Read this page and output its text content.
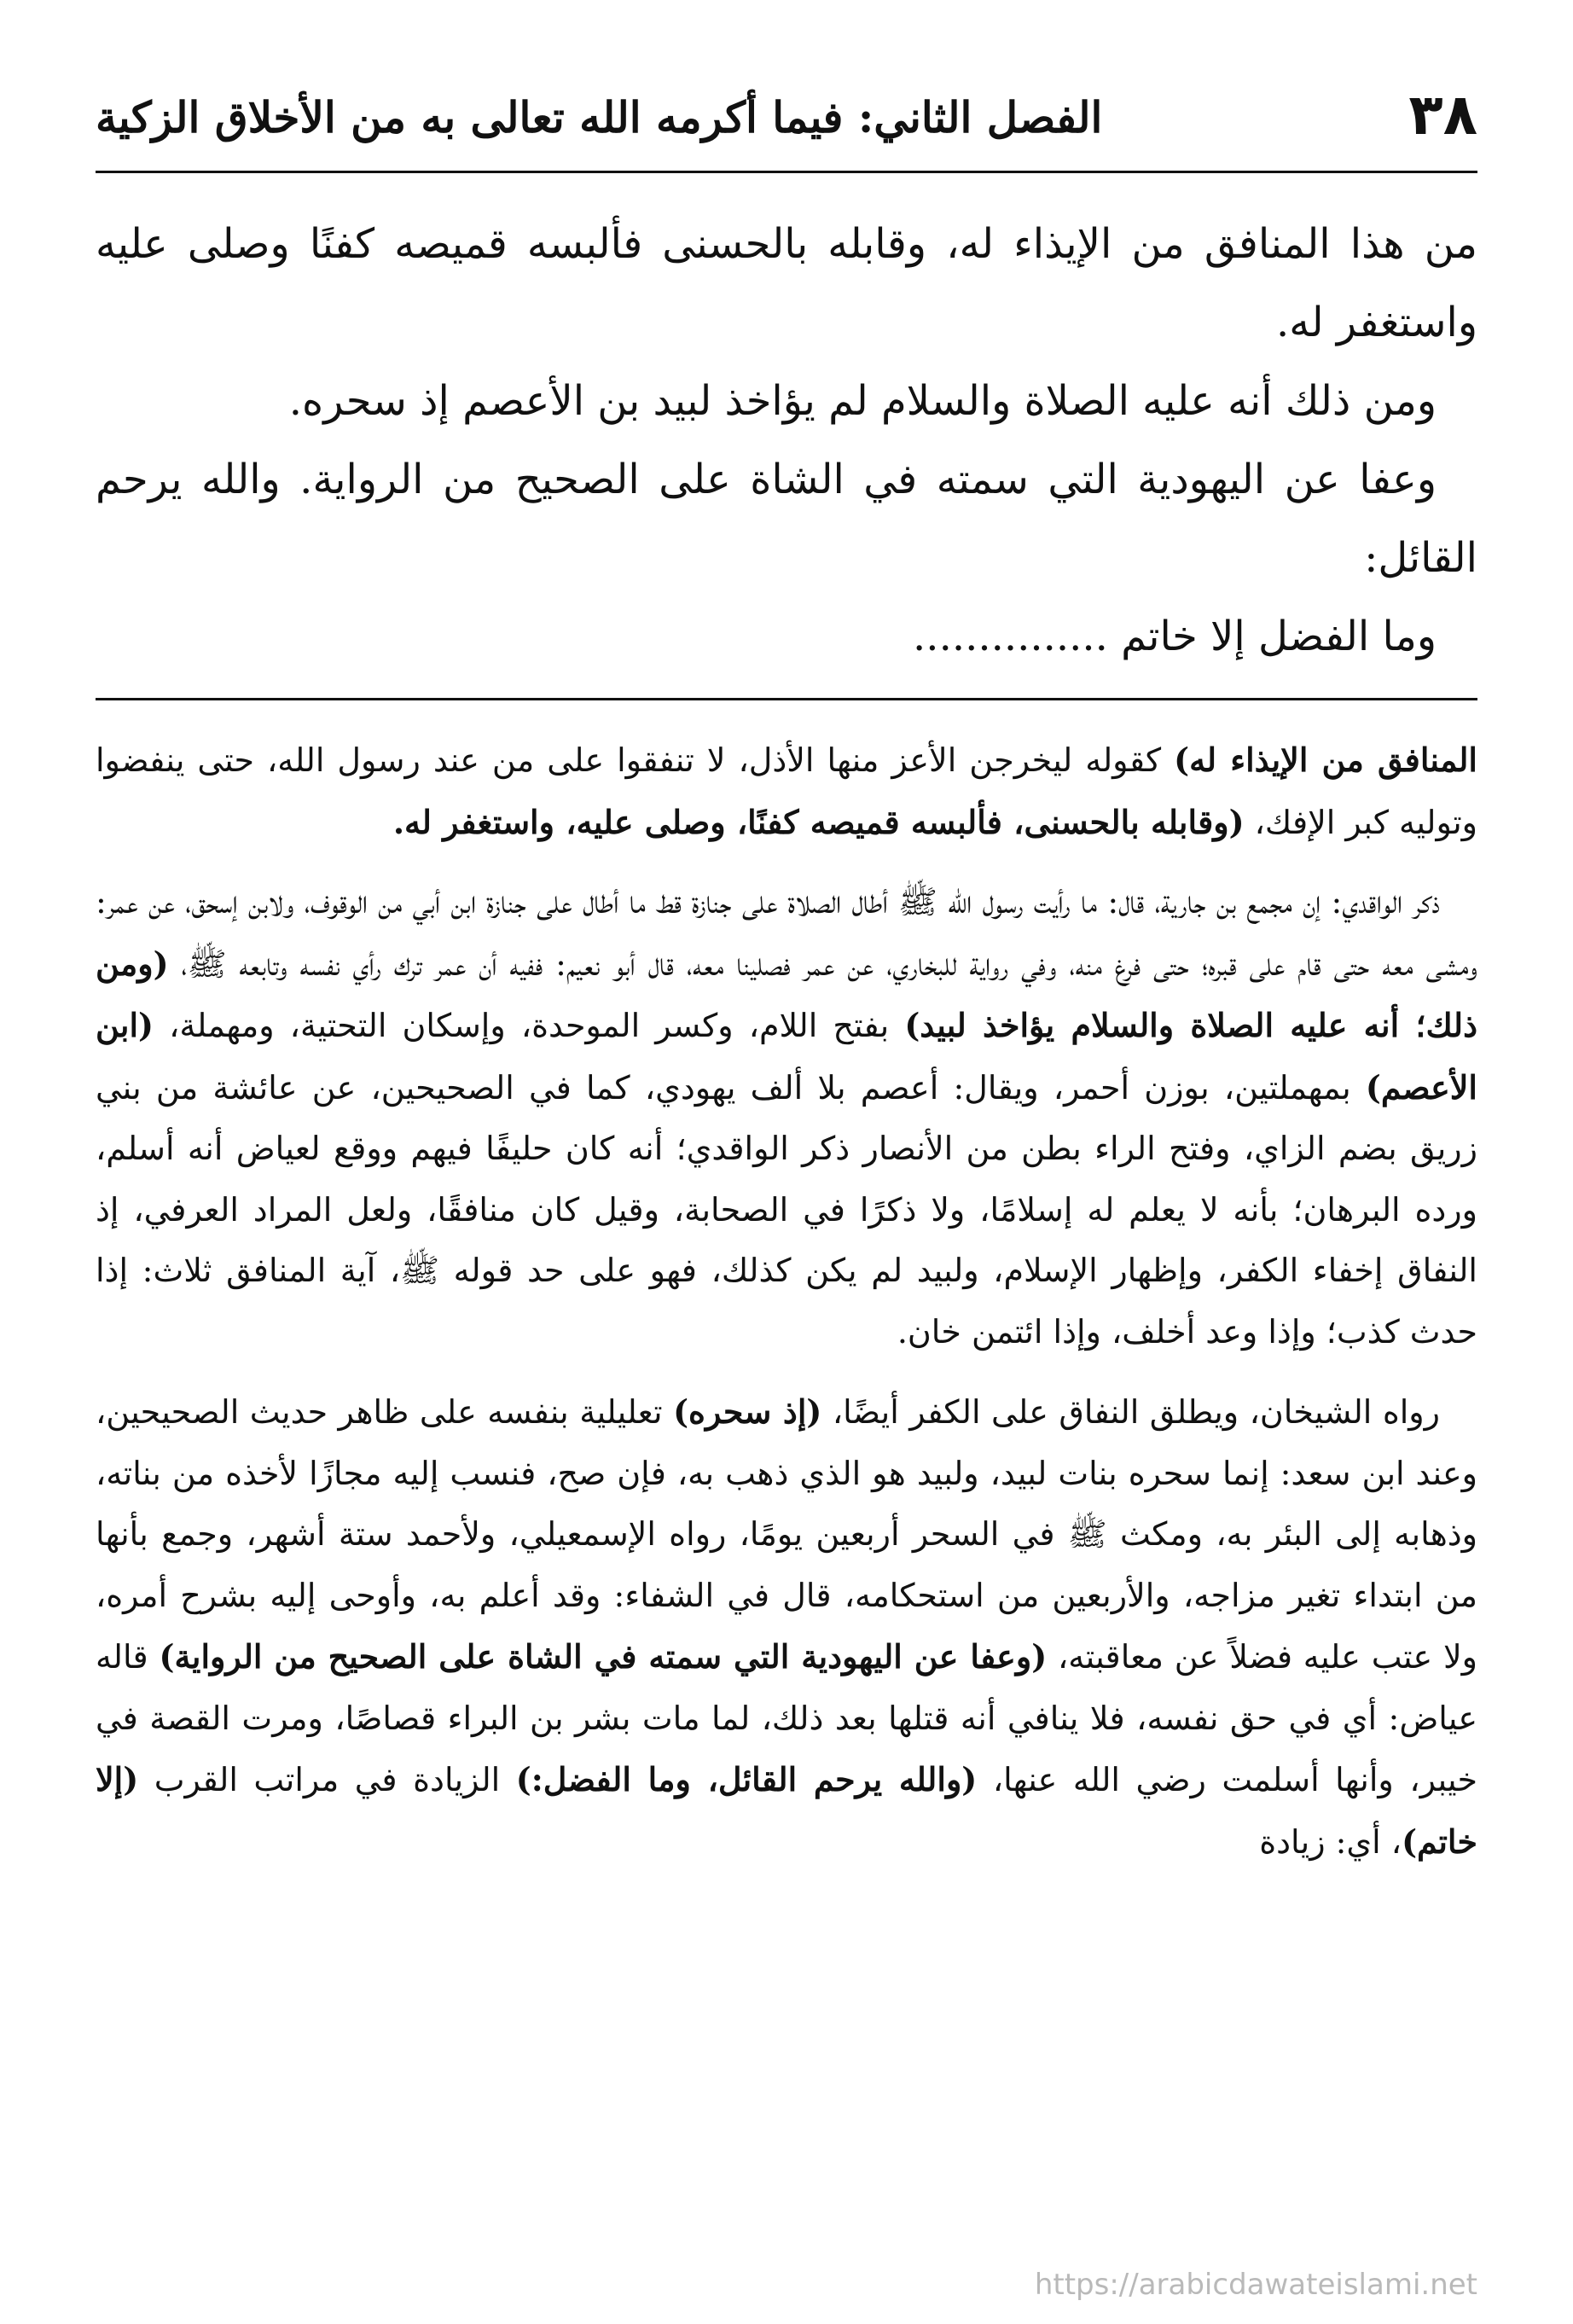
٣٨
الفصل الثاني: فيما أكرمه الله تعالى به من الأخلاق الزكية

من هذا المنافق من الإيذاء له، وقابله بالحسنى فألبسه قميصه كفنًا وصلى عليه واستغفر له.

ومن ذلك أنه عليه الصلاة والسلام لم يؤاخذ لبيد بن الأعصم إذ سحره.

وعفا عن اليهودية التي سمته في الشاة على الصحيح من الرواية. والله يرحم القائل:

وما الفضل إلا خاتم ...............

المنافق من الإيذاء له) كقوله ليخرجن الأعز منها الأذل، لا تنفقوا على من عند رسول الله، حتى ينفضوا وتوليه كبر الإفك، (وقابله بالحسنى، فألبسه قميصه كفنًا، وصلى عليه، واستغفر له.

ذكر الواقدي: إن مجمع بن جارية، قال: ما رأيت رسول الله ﷺ أطال الصلاة على جنازة قط ما أطال على جنازة ابن أبي من الوقوف، ولابن إسحق، عن عمر: ومشى معه حتى قام على قبره؛ حتى فرغ منه، وفي رواية للبخاري، عن عمر فصلينا معه، قال أبو نعيم: ففيه أن عمر ترك رأي نفسه وتابعه ﷺ، (ومن ذلك؛ أنه عليه الصلاة والسلام يؤاخذ لبيد) بفتح اللام، وكسر الموحدة، وإسكان التحتية، ومهملة، (ابن الأعصم) بمهملتين، بوزن أحمر، ويقال: أعصم بلا ألف يهودي، كما في الصحيحين، عن عائشة من بني زريق بضم الزاي، وفتح الراء بطن من الأنصار ذكر الواقدي؛ أنه كان حليفًا فيهم ووقع لعياض أنه أسلم، ورده البرهان؛ بأنه لا يعلم له إسلامًا، ولا ذكرًا في الصحابة، وقيل كان منافقًا، ولعل المراد العرفي، إذ النفاق إخفاء الكفر، وإظهار الإسلام، ولبيد لم يكن كذلك، فهو على حد قوله ﷺ، آية المنافق ثلاث: إذا حدث كذب؛ وإذا وعد أخلف، وإذا ائتمن خان.

رواه الشيخان، ويطلق النفاق على الكفر أيضًا، (إذ سحره) تعليلية بنفسه على ظاهر حديث الصحيحين، وعند ابن سعد: إنما سحره بنات لبيد، ولبيد هو الذي ذهب به، فإن صح، فنسب إليه مجازًا لأخذه من بناته، وذهابه إلى البئر به، ومكث ﷺ في السحر أربعين يومًا، رواه الإسمعيلي، ولأحمد ستة أشهر، وجمع بأنها من ابتداء تغير مزاجه، والأربعين من استحكامه، قال في الشفاء: وقد أعلم به، وأوحى إليه بشرح أمره، ولا عتب عليه فضلاً عن معاقبته، (وعفا عن اليهودية التي سمته في الشاة على الصحيح من الرواية) قاله عياض: أي في حق نفسه، فلا ينافي أنه قتلها بعد ذلك، لما مات بشر بن البراء قصاصًا، ومرت القصة في خيبر، وأنها أسلمت رضي الله عنها، (والله يرحم القائل، وما الفضل:) الزيادة في مراتب القرب (إلا خاتم)، أي: زيادة

https://arabicdawateislami.net
